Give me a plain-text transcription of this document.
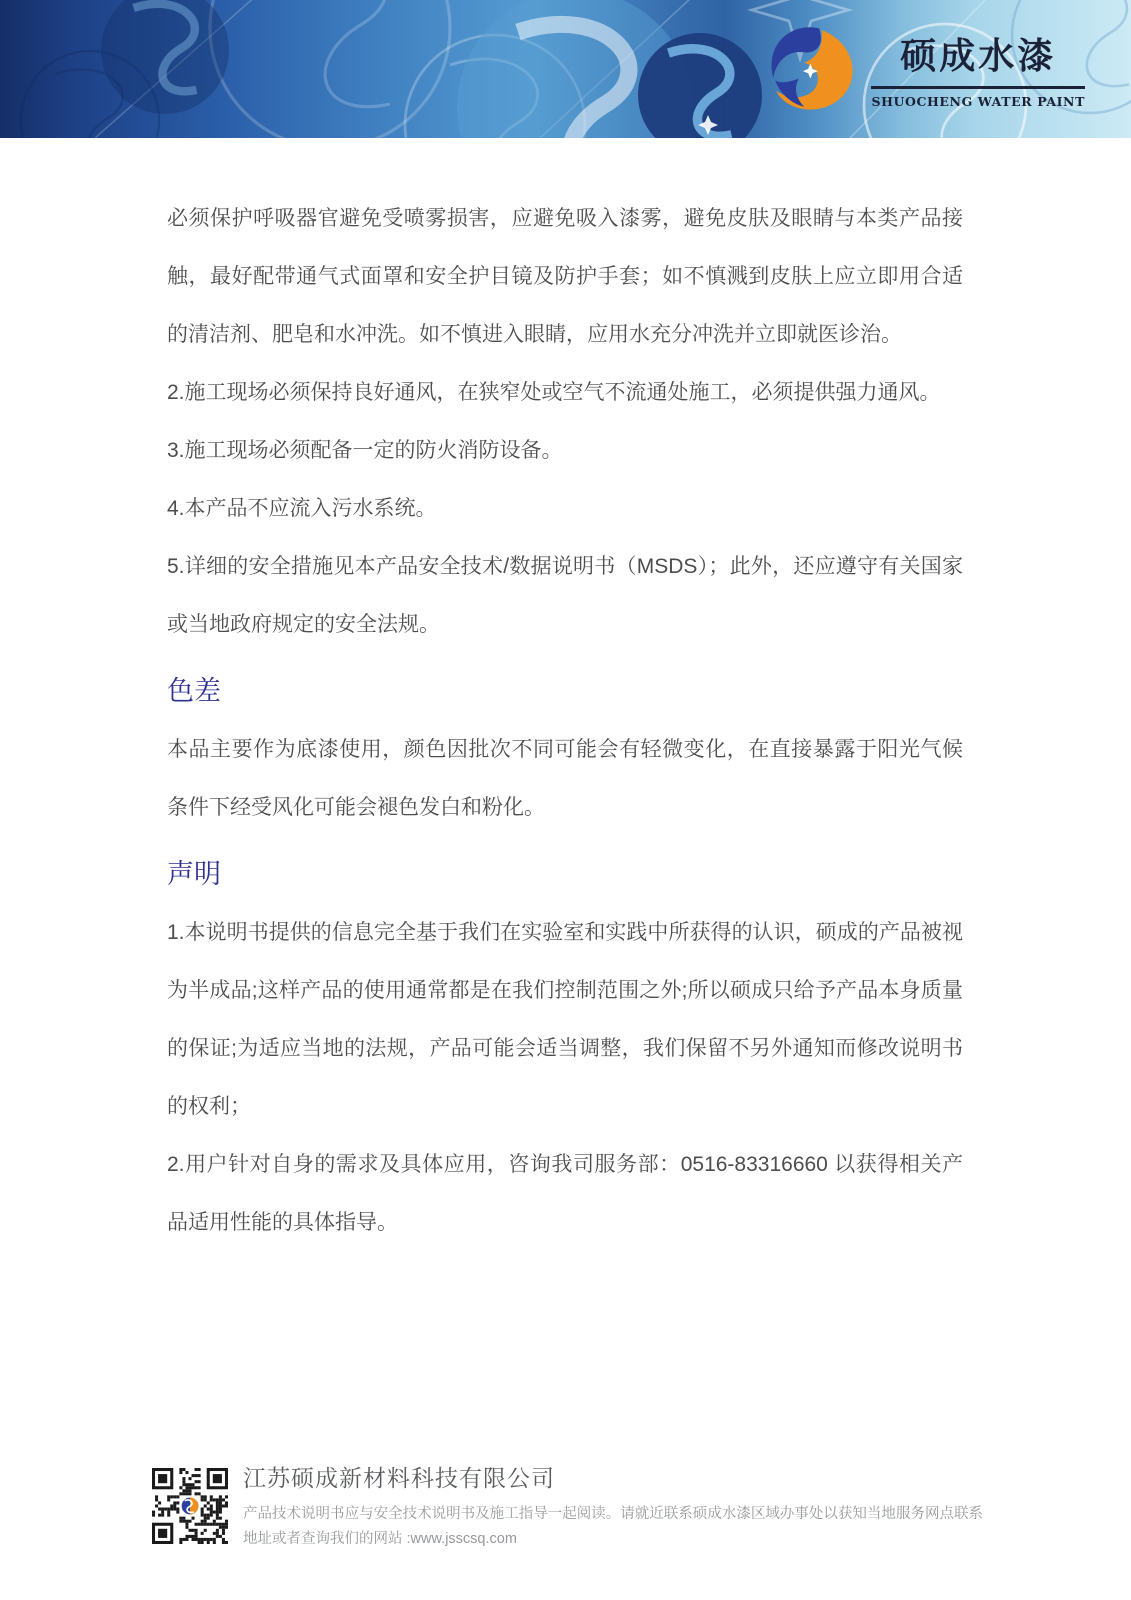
硕成水漆
SHUOCHENG WATER PAINT

必须保护呼吸器官避免受喷雾损害，应避免吸入漆雾，避免皮肤及眼睛与本类产品接触，最好配带通气式面罩和安全护目镜及防护手套；如不慎溅到皮肤上应立即用合适的清洁剂、肥皂和水冲洗。如不慎进入眼睛，应用水充分冲洗并立即就医诊治。

2.施工现场必须保持良好通风，在狭窄处或空气不流通处施工，必须提供强力通风。

3.施工现场必须配备一定的防火消防设备。

4.本产品不应流入污水系统。

5.详细的安全措施见本产品安全技术/数据说明书（MSDS）；此外，还应遵守有关国家或当地政府规定的安全法规。

色差

本品主要作为底漆使用，颜色因批次不同可能会有轻微变化，在直接暴露于阳光气候条件下经受风化可能会褪色发白和粉化。

声明

1.本说明书提供的信息完全基于我们在实验室和实践中所获得的认识，硕成的产品被视为半成品;这样产品的使用通常都是在我们控制范围之外;所以硕成只给予产品本身质量的保证;为适应当地的法规，产品可能会适当调整，我们保留不另外通知而修改说明书的权利；

2.用户针对自身的需求及具体应用，咨询我司服务部：0516-83316660 以获得相关产品适用性能的具体指导。

江苏硕成新材料科技有限公司
产品技术说明书应与安全技术说明书及施工指导一起阅读。请就近联系硕成水漆区域办事处以获知当地服务网点联系地址或者查询我们的网站 :www.jsscsq.com
